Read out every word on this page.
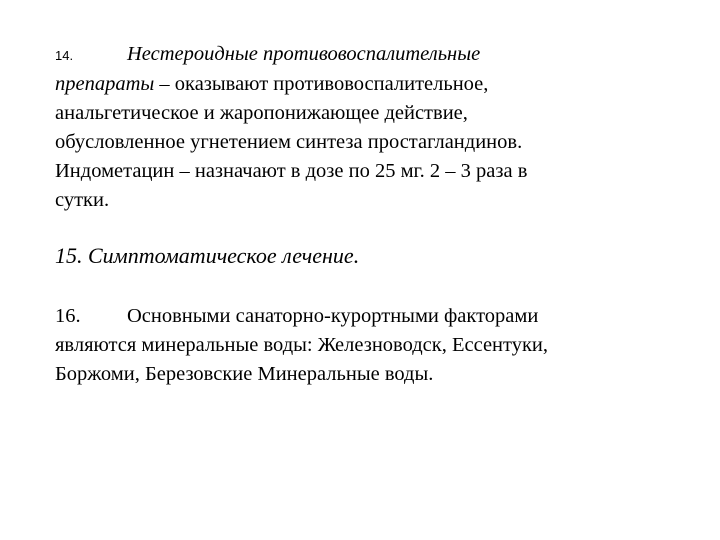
14.	Нестероидные противовоспалительные
препараты – оказывают противовоспалительное,
анальгетическое и жаропонижающее действие,
обусловленное угнетением синтеза простагландинов.
Индометацин – назначают в дозе по 25 мг. 2 – 3 раза в
сутки.
15. Симптоматическое лечение.
16. Основными санаторно-курортными факторами
являются минеральные воды: Железноводск, Ессентуки,
Боржоми, Березовские Минеральные воды.
